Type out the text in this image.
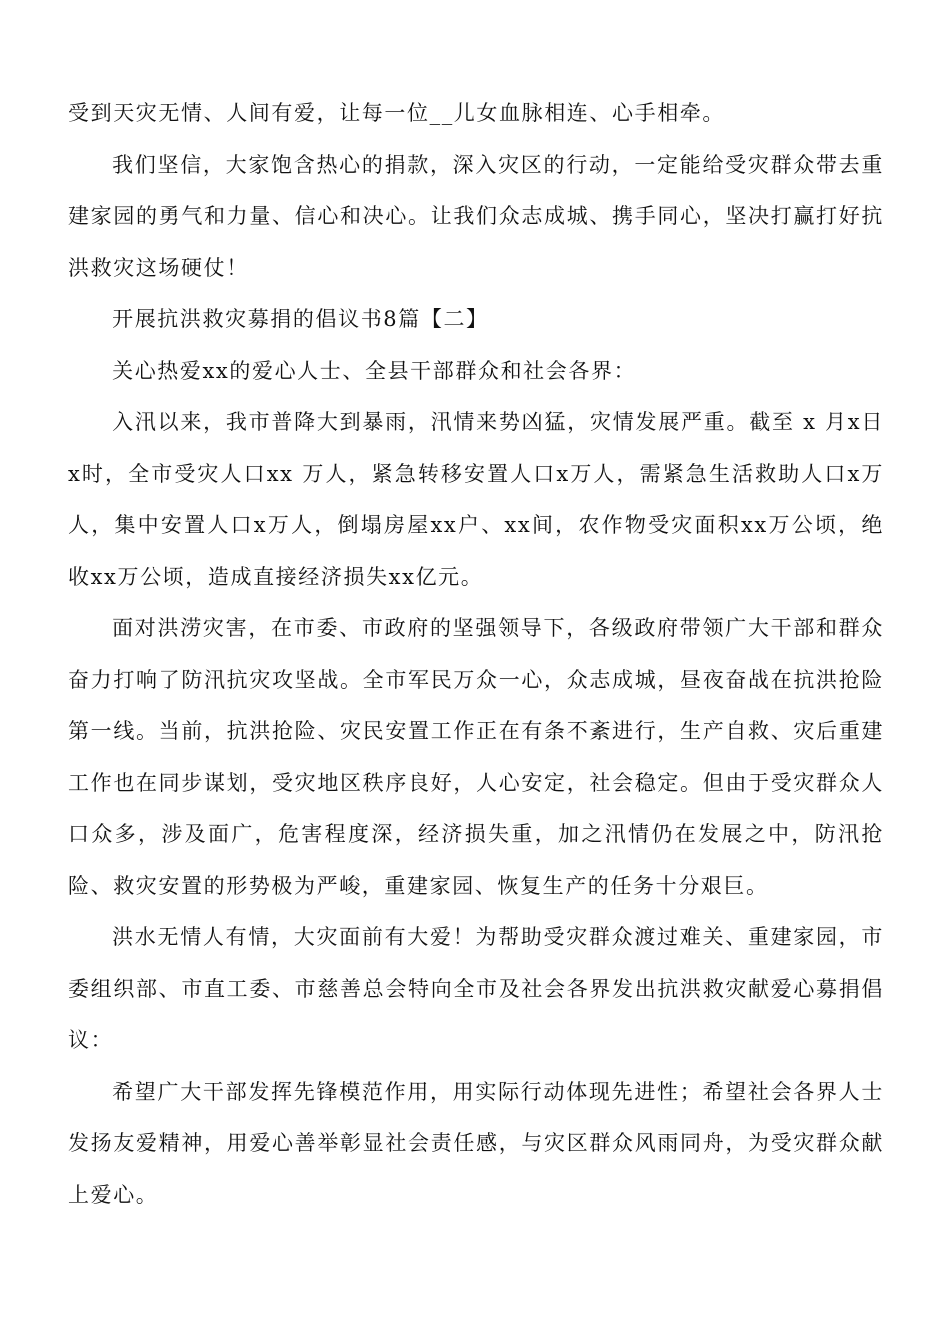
受到天灾无情、人间有爱，让每一位__儿女血脉相连、心手相牵。

我们坚信，大家饱含热心的捐款，深入灾区的行动，一定能给受灾群众带去重建家园的勇气和力量、信心和决心。让我们众志成城、携手同心，坚决打赢打好抗洪救灾这场硬仗！

开展抗洪救灾募捐的倡议书8篇【二】

关心热爱xx的爱心人士、全县干部群众和社会各界：

入汛以来，我市普降大到暴雨，汛情来势凶猛，灾情发展严重。截至 x 月x日x时，全市受灾人口xx 万人，紧急转移安置人口x万人，需紧急生活救助人口x万人，集中安置人口x万人，倒塌房屋xx户、xx间，农作物受灾面积xx万公顷，绝收xx万公顷，造成直接经济损失xx亿元。

面对洪涝灾害，在市委、市政府的坚强领导下，各级政府带领广大干部和群众奋力打响了防汛抗灾攻坚战。全市军民万众一心，众志成城，昼夜奋战在抗洪抢险第一线。当前，抗洪抢险、灾民安置工作正在有条不紊进行，生产自救、灾后重建工作也在同步谋划，受灾地区秩序良好，人心安定，社会稳定。但由于受灾群众人口众多，涉及面广，危害程度深，经济损失重，加之汛情仍在发展之中，防汛抢险、救灾安置的形势极为严峻，重建家园、恢复生产的任务十分艰巨。

洪水无情人有情，大灾面前有大爱！为帮助受灾群众渡过难关、重建家园，市委组织部、市直工委、市慈善总会特向全市及社会各界发出抗洪救灾献爱心募捐倡议：

希望广大干部发挥先锋模范作用，用实际行动体现先进性；希望社会各界人士发扬友爱精神，用爱心善举彰显社会责任感，与灾区群众风雨同舟，为受灾群众献上爱心。
